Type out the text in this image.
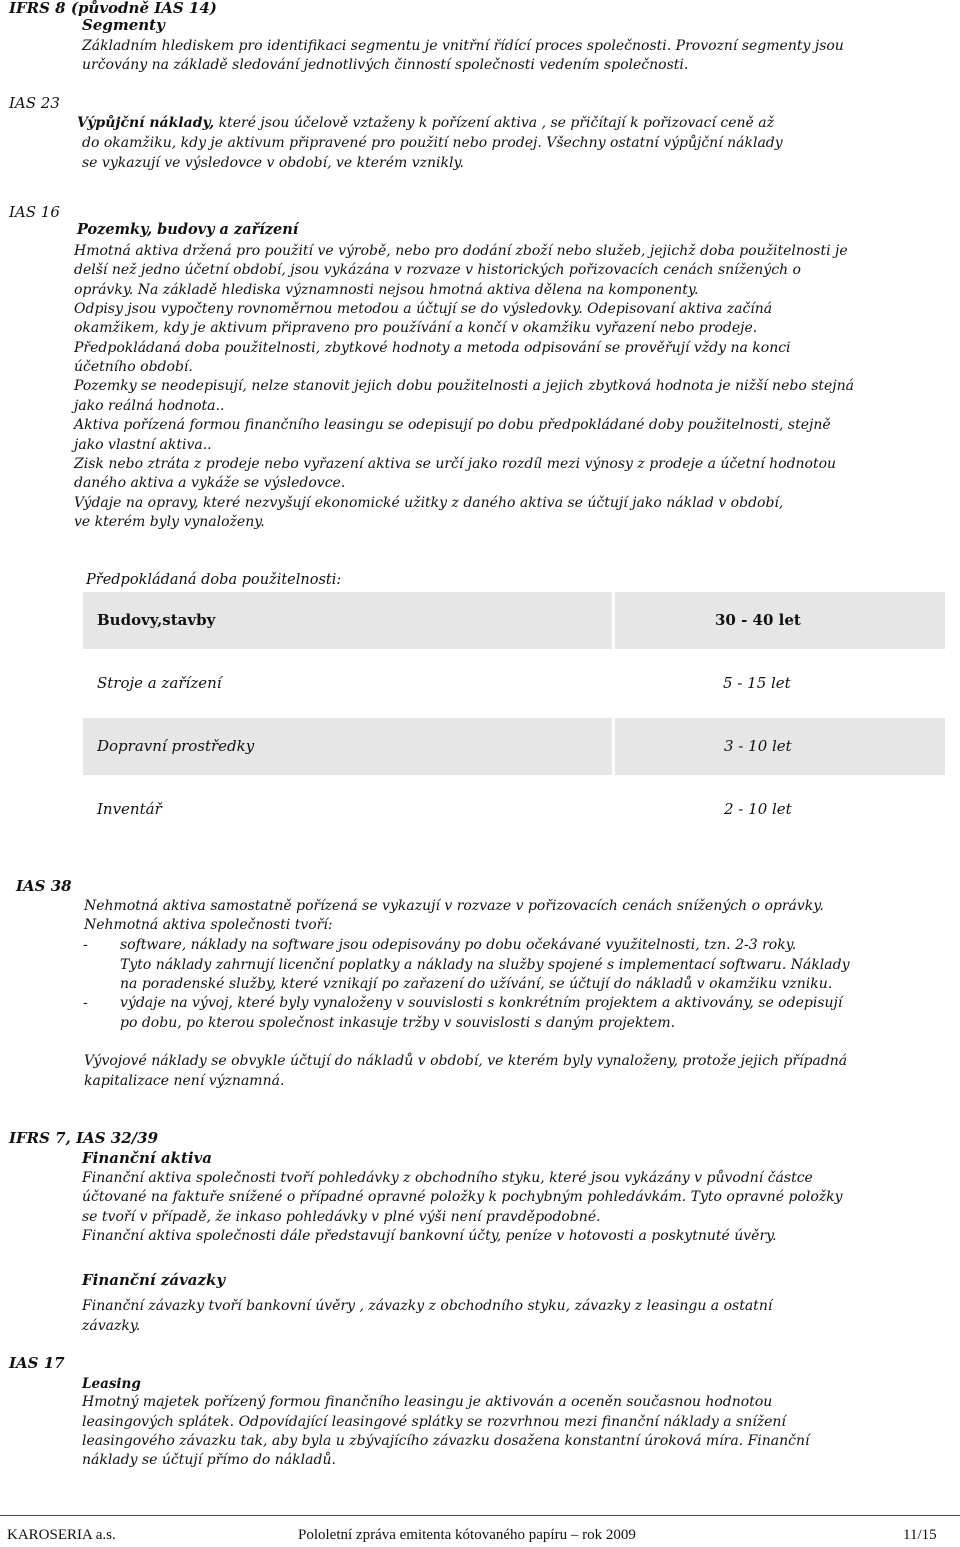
IFRS 8 (původně IAS 14)
Segmenty
Základním hlediskem pro identifikaci segmentu je vnitřní řídící proces společnosti. Provozní segmenty jsou
určovány na základě sledování jednotlivých činností společnosti vedením společnosti.
IAS 23
Výpůjční náklady, které jsou účelově vztaženy k pořízení aktiva , se přičítají k pořizovací ceně až
do okamžiku, kdy je aktivum připravené pro použití nebo prodej. Všechny ostatní výpůjční náklady
se vykazují ve výsledovce v období, ve kterém vznikly.
IAS 16
Pozemky, budovy a zařízení
Hmotná aktiva držená pro použití ve výrobě, nebo pro dodání zboží nebo služeb, jejichž doba použitelnosti je
delší než jedno účetní období, jsou vykázána v rozvaze v historických pořizovacích cenách snížených o
oprávky. Na základě hlediska významnosti nejsou hmotná aktiva dělena na komponenty.
Odpisy jsou vypočteny rovnoměrnou metodou a účtují se do výsledovky. Odepisovaní aktiva začíná
okamžikem, kdy je aktivum připraveno pro používání a končí v okamžiku vyřazení nebo prodeje.
Předpokládaná doba použitelnosti, zbytkové hodnoty a metoda odpisování se prověřují vždy na konci
účetního období.
Pozemky se neodepisují, nelze stanovit jejich dobu použitelnosti a jejich zbytková hodnota je nižší nebo stejná
jako reálná hodnota..
Aktiva pořízená formou finančního leasingu se odepisují po dobu předpokládané doby použitelnosti, stejně
jako vlastní aktiva..
Zisk nebo ztráta z prodeje nebo vyřazení aktiva se určí jako rozdíl mezi výnosy z prodeje a účetní hodnotou
daného aktiva a vykáže se výsledovce.
Výdaje na opravy, které nezvyšují ekonomické užitky z daného aktiva se účtují jako náklad v období,
ve kterém byly vynaloženy.
Předpokládaná doba použitelnosti:
Budovy,stavby	30 - 40 let
Stroje a zařízení	5 - 15 let
Dopravní prostředky	3 - 10 let
Inventář	2 - 10 let
IAS 38
Nehmotná aktiva samostatně pořízená se vykazují v rozvaze v pořizovacích cenách snížených o oprávky.
Nehmotná aktiva společnosti tvoří:
- software, náklady na software jsou odepisovány po dobu očekávané využitelnosti, tzn. 2-3 roky.
Tyto náklady zahrnují licenční poplatky a náklady na služby spojené s implementací softwaru. Náklady
na poradenské služby, které vznikají po zařazení do užívání, se účtují do nákladů v okamžiku vzniku.
- výdaje na vývoj, které byly vynaloženy v souvislosti s konkrétním projektem a aktivovány, se odepisují
po dobu, po kterou společnost inkasuje tržby v souvislosti s daným projektem.
Vývojové náklady se obvykle účtují do nákladů v období, ve kterém byly vynaloženy, protože jejich případná
kapitalizace není významná.
IFRS 7, IAS 32/39
Finanční aktiva
Finanční aktiva společnosti tvoří pohledávky z obchodního styku, které jsou vykázány v původní částce
účtované na faktuře snížené o případné opravné položky k pochybným pohledávkám. Tyto opravné položky
se tvoří v případě, že inkaso pohledávky v plné výši není pravděpodobné.
Finanční aktiva společnosti dále představují bankovní účty, peníze v hotovosti a poskytnuté úvěry.
Finanční závazky
Finanční závazky tvoří bankovní úvěry , závazky z obchodního styku, závazky z leasingu a ostatní
závazky.
IAS 17
Leasing
Hmotný majetek pořízený formou finančního leasingu je aktivován a oceněn současnou hodnotou
leasingových splátek. Odpovídající leasingové splátky se rozvrhnou mezi finanční náklady a snížení
leasingového závazku tak, aby byla u zbývajícího závazku dosažena konstantní úroková míra. Finanční
náklady se účtují přímo do nákladů.
KAROSERIA a.s.	Pololetní zpráva emitenta kótovaného papíru – rok 2009	11/15
